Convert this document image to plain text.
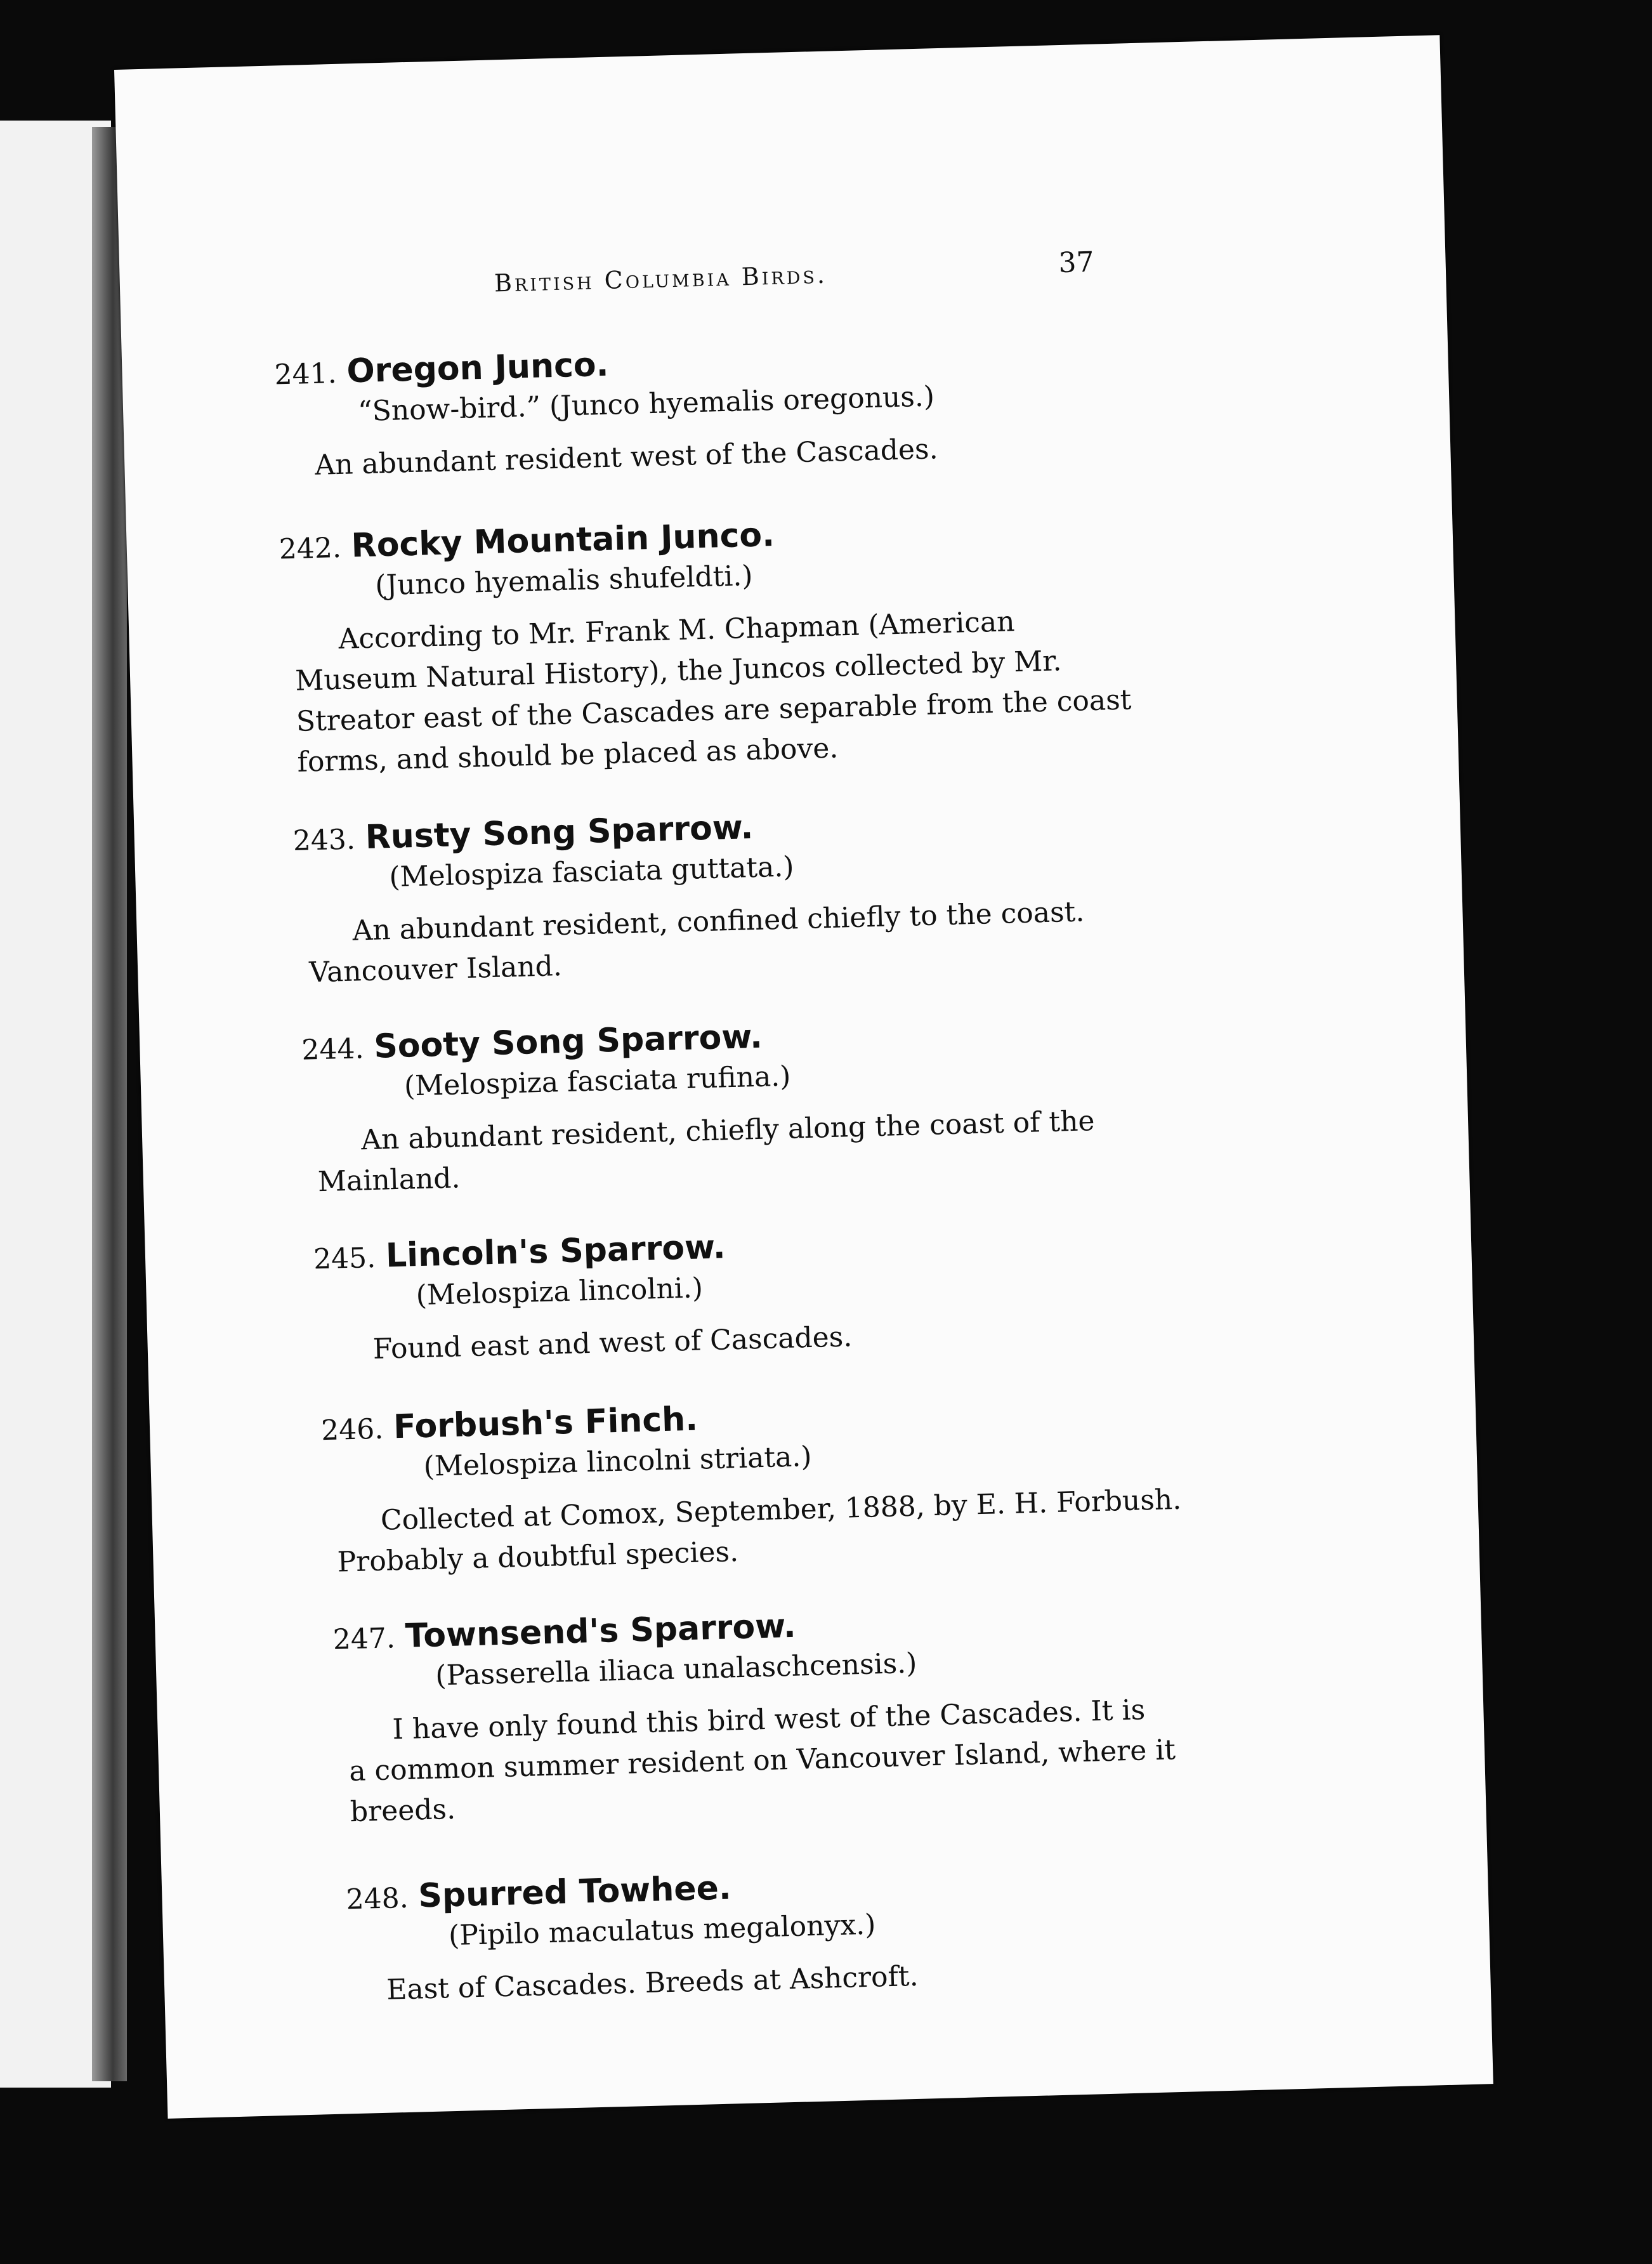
British Columbia Birds.	37
241. Oregon Junco.
“Snow-bird.” (Junco hyemalis oregonus.)
An abundant resident west of the Cascades.
242. Rocky Mountain Junco.
(Junco hyemalis shufeldti.)
According to Mr. Frank M. Chapman (American
Museum Natural History), the Juncos collected by Mr.
Streator east of the Cascades are separable from the coast
forms, and should be placed as above.
243. Rusty Song Sparrow.
(Melospiza fasciata guttata.)
An abundant resident, confined chiefly to the coast.
Vancouver Island.
244. Sooty Song Sparrow.
(Melospiza fasciata rufina.)
An abundant resident, chiefly along the coast of the
Mainland.
245. Lincoln's Sparrow.
(Melospiza lincolni.)
Found east and west of Cascades.
246. Forbush's Finch.
(Melospiza lincolni striata.)
Collected at Comox, September, 1888, by E. H. Forbush.
Probably a doubtful species.
247. Townsend's Sparrow.
(Passerella iliaca unalaschcensis.)
I have only found this bird west of the Cascades. It is
a common summer resident on Vancouver Island, where it
breeds.
248. Spurred Towhee.
(Pipilo maculatus megalonyx.)
East of Cascades. Breeds at Ashcroft.
